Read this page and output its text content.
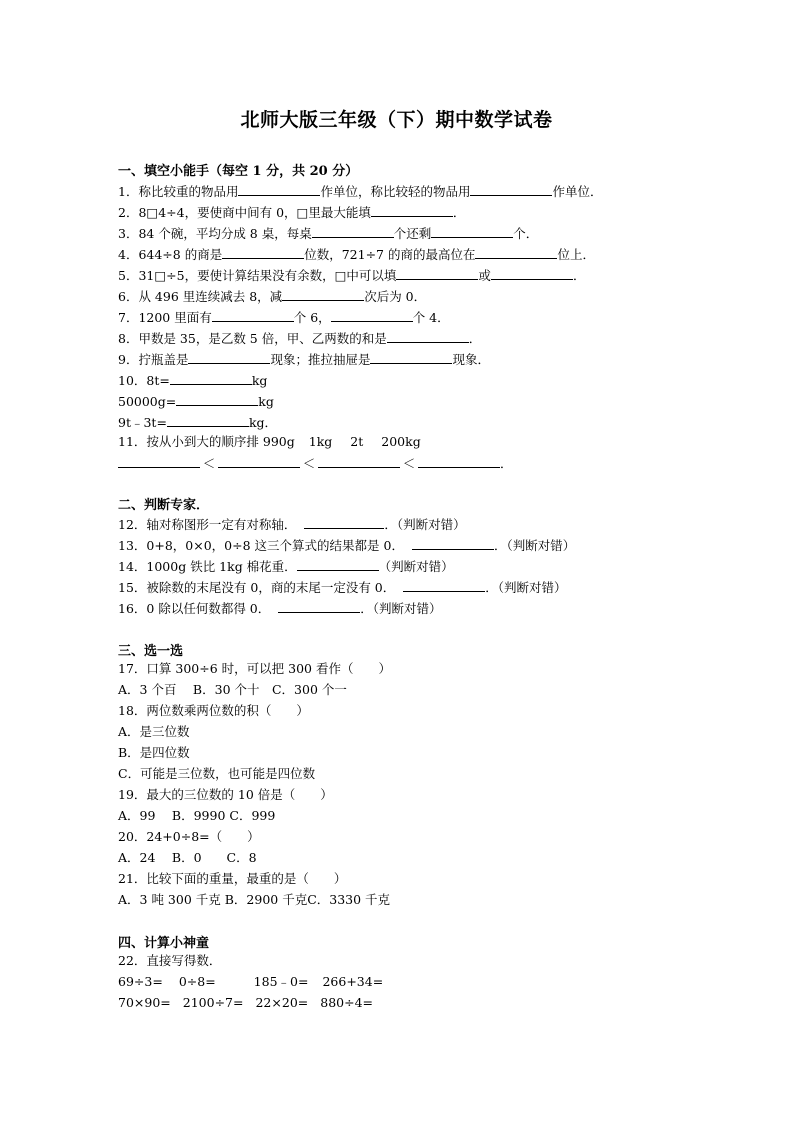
北师大版三年级（下）期中数学试卷
一、填空小能手（每空 1 分，共 20 分）
1．称比较重的物品用	作单位，称比较轻的物品用	作单位．
2．8□4÷4，要使商中间有 0，□里最大能填	．
3．84 个碗，平均分成 8 桌，每桌	个还剩	个．
4．644÷8 的商是	位数，721÷7 的商的最高位在	位上．
5．31□÷5，要使计算结果没有余数，□中可以填	或	．
6．从 496 里连续减去 8，减	次后为 0．
7．1200 里面有	个 6，	个 4．
8．甲数是 35，是乙数 5 倍，甲、乙两数的和是	．
9．拧瓶盖是	现象；推拉抽屉是	现象．
10．8t=	kg
50000g=	kg
9t﹣3t=	kg．
11．按从小到大的顺序排 990g 1kg 2t 200kg
＜	＜	＜	．
二、判断专家．
12．轴对称图形一定有对称轴．	．（判断对错）
13．0+8，0×0，0÷8 这三个算式的结果都是 0．	．（判断对错）
14．1000g 铁比 1kg 棉花重．	（判断对错）
15．被除数的末尾没有 0，商的末尾一定没有 0．	．（判断对错）
16．0 除以任何数都得 0．	．（判断对错）
三、选一选
17．口算 300÷6 时，可以把 300 看作（　　）
A．3 个百　 B．30 个十　C．300 个一
18．两位数乘两位数的积（　　）
A．是三位数
B．是四位数
C．可能是三位数，也可能是四位数
19．最大的三位数的 10 倍是（　　）
A．99　 B．9990 C．999
20．24+0÷8=（　　）
A．24　 B．0　　C．8
21．比较下面的重量，最重的是（　　）
A．3 吨 300 千克 B．2900 千克C．3330 千克
四、计算小神童
22．直接写得数．
69÷3= 0÷8=	185﹣0= 266+34=
70×90= 2100÷7= 22×20= 880÷4=
